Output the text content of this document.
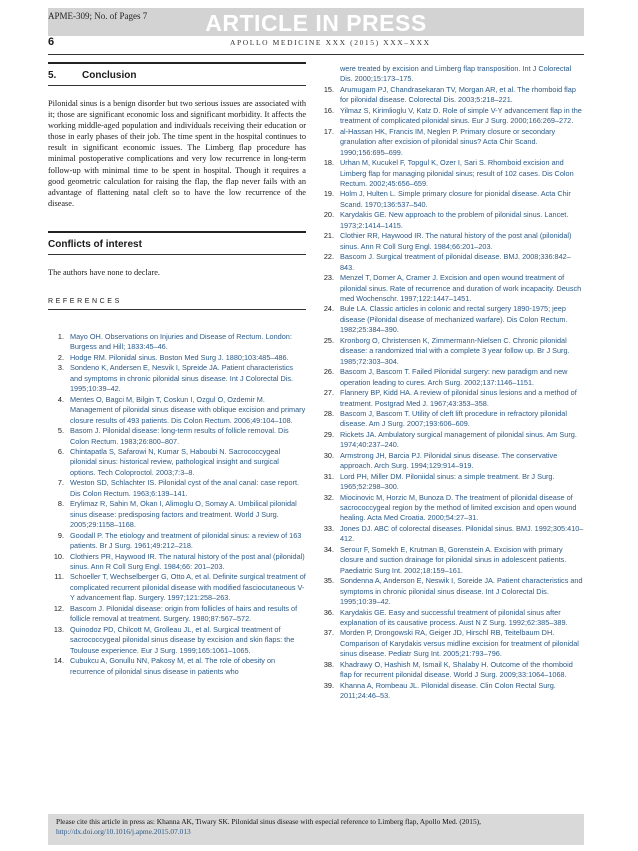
APME-309; No. of Pages 7	ARTICLE IN PRESS
6	APOLLO MEDICINE XXX (2015) XXX–XXX
5.	Conclusion

Pilonidal sinus is a benign disorder but two serious issues are associated with it; those are significant economic loss and significant morbidity. It affects the working middle-aged population and individuals receiving their education or those in early phases of their job. The time spent in the hospital continues to result in significant economic issues. The Limberg flap procedure has minimal postoperative complications and very low recurrence in long-term follow-up with minimal time to be spent in hospital. Though it requires a good geometric calculation for raising the flap, the flap never fails with an advantage of flattening natal cleft so to have the low recurrence of the disease.

Conflicts of interest

The authors have none to declare.

REFERENCES
1. Mayo OH. Observations on Injuries and Disease of Rectum. London: Burgess and Hill; 1833:45–46.
2. Hodge RM. Pilonidal sinus. Boston Med Surg J. 1880;103:485–486.
3. Sondeno K, Andersen E, Nesvik I, Spreide JA. Patient characteristics and symptoms in chronic pilonidal sinus disease. Int J Colorectal Dis. 1995;10:39–42.
4. Mentes O, Bagci M, Bilgin T, Coskun I, Ozgul O, Ozdemir M. Management of pilonidal sinus disease with oblique excision and primary closure results of 493 patients. Dis Colon Rectum. 2006;49:104–108.
5. Basom J. Pilonidal disease: long-term results of follicle removal. Dis Colon Rectum. 1983;26:800–807.
6. Chintapatla S, Safarowi N, Kumar S, Haboubi N. Sacrococcygeal pilonidal sinus: historical review, pathological insight and surgical options. Tech Coloproctol. 2003;7:3–8.
7. Weston SD, Schlachter IS. Pilonidal cyst of the anal canal: case report. Dis Colon Rectum. 1963;6:139–141.
8. Erylimaz R, Sahin M, Okan I, Alimoglu O, Somay A. Umbilical pilonidal sinus disease: predisposing factors and treatment. World J Surg. 2005;29:1158–1168.
9. Goodall P. The etiology and treatment of pilonidal sinus: a review of 163 patients. Br J Surg. 1961;49:212–218.
10. Clothiers PR, Haywood IR. The natural history of the post anal (pilonidal) sinus. Ann R Coll Surg Engl. 1984;66: 201–203.
11. Schoeller T, Wechselberger G, Otto A, et al. Definite surgical treatment of complicated recurrent pilonidal disease with modified fasciocutaneous V-Y advancement flap. Surgery. 1997;121:258–263.
12. Bascom J. Pilonidal disease: origin from follicles of hairs and results of follicle removal at treatment. Surgery. 1980;87:567–572.
13. Quinodoz PD, Chilcott M, Grolleau JL, et al. Surgical treatment of sacrococcygeal pilonidal sinus disease by excision and skin flaps: the Toulouse experience. Eur J Surg. 1999;165:1061–1065.
14. Cubukcu A, Gonullu NN, Pakosy M, et al. The role of obesity on recurrence of pilonidal sinus disease in patients who
were treated by excision and Limberg flap transposition. Int J Colorectal Dis. 2000;15:173–175.
15. Arumugam PJ, Chandrasekaran TV, Morgan AR, et al. The rhomboid flap for pilonidal disease. Colorectal Dis. 2003;5:218–221.
16. Yilmaz S, Kirimlioglu V, Katz D. Role of simple V-Y advancement flap in the treatment of complicated pilonidal sinus. Eur J Surg. 2000;166:269–272.
17. al-Hassan HK, Francis IM, Neglen P. Primary closure or secondary granulation after excision of pilonidal sinus? Acta Chir Scand. 1990;156:695–699.
18. Urhan M, Kucukel F, Topgul K, Ozer I, Sari S. Rhomboid excision and Limberg flap for managing pilonidal sinus; result of 102 cases. Dis Colon Rectum. 2002;45:656–659.
19. Holm J, Hulten L. Simple primary closure for pionidal disease. Acta Chir Scand. 1970;136:537–540.
20. Karydakis GE. New approach to the problem of pilonidal sinus. Lancet. 1973;2:1414–1415.
21. Clothier RR, Haywood IR. The natural history of the post anal (pilonidal) sinus. Ann R Coll Surg Engl. 1984;66:201–203.
22. Bascom J. Surgical treatment of pilonidal disease. BMJ. 2008;336:842–843.
23. Menzel T, Dorner A, Cramer J. Excision and open wound treatment of pilonidal sinus. Rate of recurrence and duration of work incapacity. Deusch med Wochenschr. 1997;122:1447–1451.
24. Bule LA. Classic articles in colonic and rectal surgery 1890-1975; jeep disease (Pilonidal disease of mechanized warfare). Dis Colon Rectum. 1982;25:384–390.
25. Kronborg O, Christensen K, Zimmermann-Nielsen C. Chronic pilonidal disease: a randomized trial with a complete 3 year follow up. Br J Surg. 1985;72:303–304.
26. Bascom J, Bascom T. Failed Pilonidal surgery: new paradigm and new operation leading to cures. Arch Surg. 2002;137:1146–1151.
27. Flannery BP, Kidd HA. A review of pilonidal sinus lesions and a method of treatment. Postgrad Med J. 1967;43:353–358.
28. Bascom J, Bascom T. Utility of cleft lift procedure in refractory pilonidal disease. Am J Surg. 2007;193:606–609.
29. Rickets JA. Ambulatory surgical management of pilonidal sinus. Am Surg. 1974;40:237–240.
30. Armstrong JH, Barcia PJ. Pilonidal sinus disease. The conservative approach. Arch Surg. 1994;129:914–919.
31. Lord PH, Miller DM. Piloniidal sinus: a simple treatment. Br J Surg. 1965;52:298–300.
32. Miocinovic M, Horzic M, Bunoza D. The treatment of pilonidal disease of sacrococcygeal region by the method of limited excision and open wound healing. Acta Med Croatia. 2000;54:27–31.
33. Jones DJ. ABC of colorectal diseases. Pilonidal sinus. BMJ. 1992;305:410–412.
34. Serour F, Somekh E, Krutman B, Gorenstein A. Excision with primary closure and suction drainage for pilonidal sinus in adolescent patients. Paediatric Surg Int. 2002;18:159–161.
35. Sondenna A, Anderson E, Neswik I, Soreide JA. Patient characteristics and symptoms in chronic pilonidal sinus disease. Int J Colorectal Dis. 1995;10:39–42.
36. Karydakis GE. Easy and successful treatment of pilonidal sinus after explanation of its causative process. Aust N Z Surg. 1992;62:385–389.
37. Morden P, Drongowski RA, Geiger JD, Hirschl RB, Teitelbaum DH. Comparison of Karydakis versus midline excision for treatment of pilonidal sinus disease. Pediatr Surg Int. 2005;21:793–796.
38. Khadrawy O, Hashish M, Ismail K, Shalaby H. Outcome of the rhomboid flap for recurrent pilonidal disease. World J Surg. 2009;33:1064–1068.
39. Khanna A, Rombeau JL. Pilonidal disease. Clin Colon Rectal Surg. 2011;24:46–53.
Please cite this article in press as: Khanna AK, Tiwary SK. Pilonidal sinus disease with especial reference to Limberg flap, Apollo Med. (2015), http://dx.doi.org/10.1016/j.apme.2015.07.013
